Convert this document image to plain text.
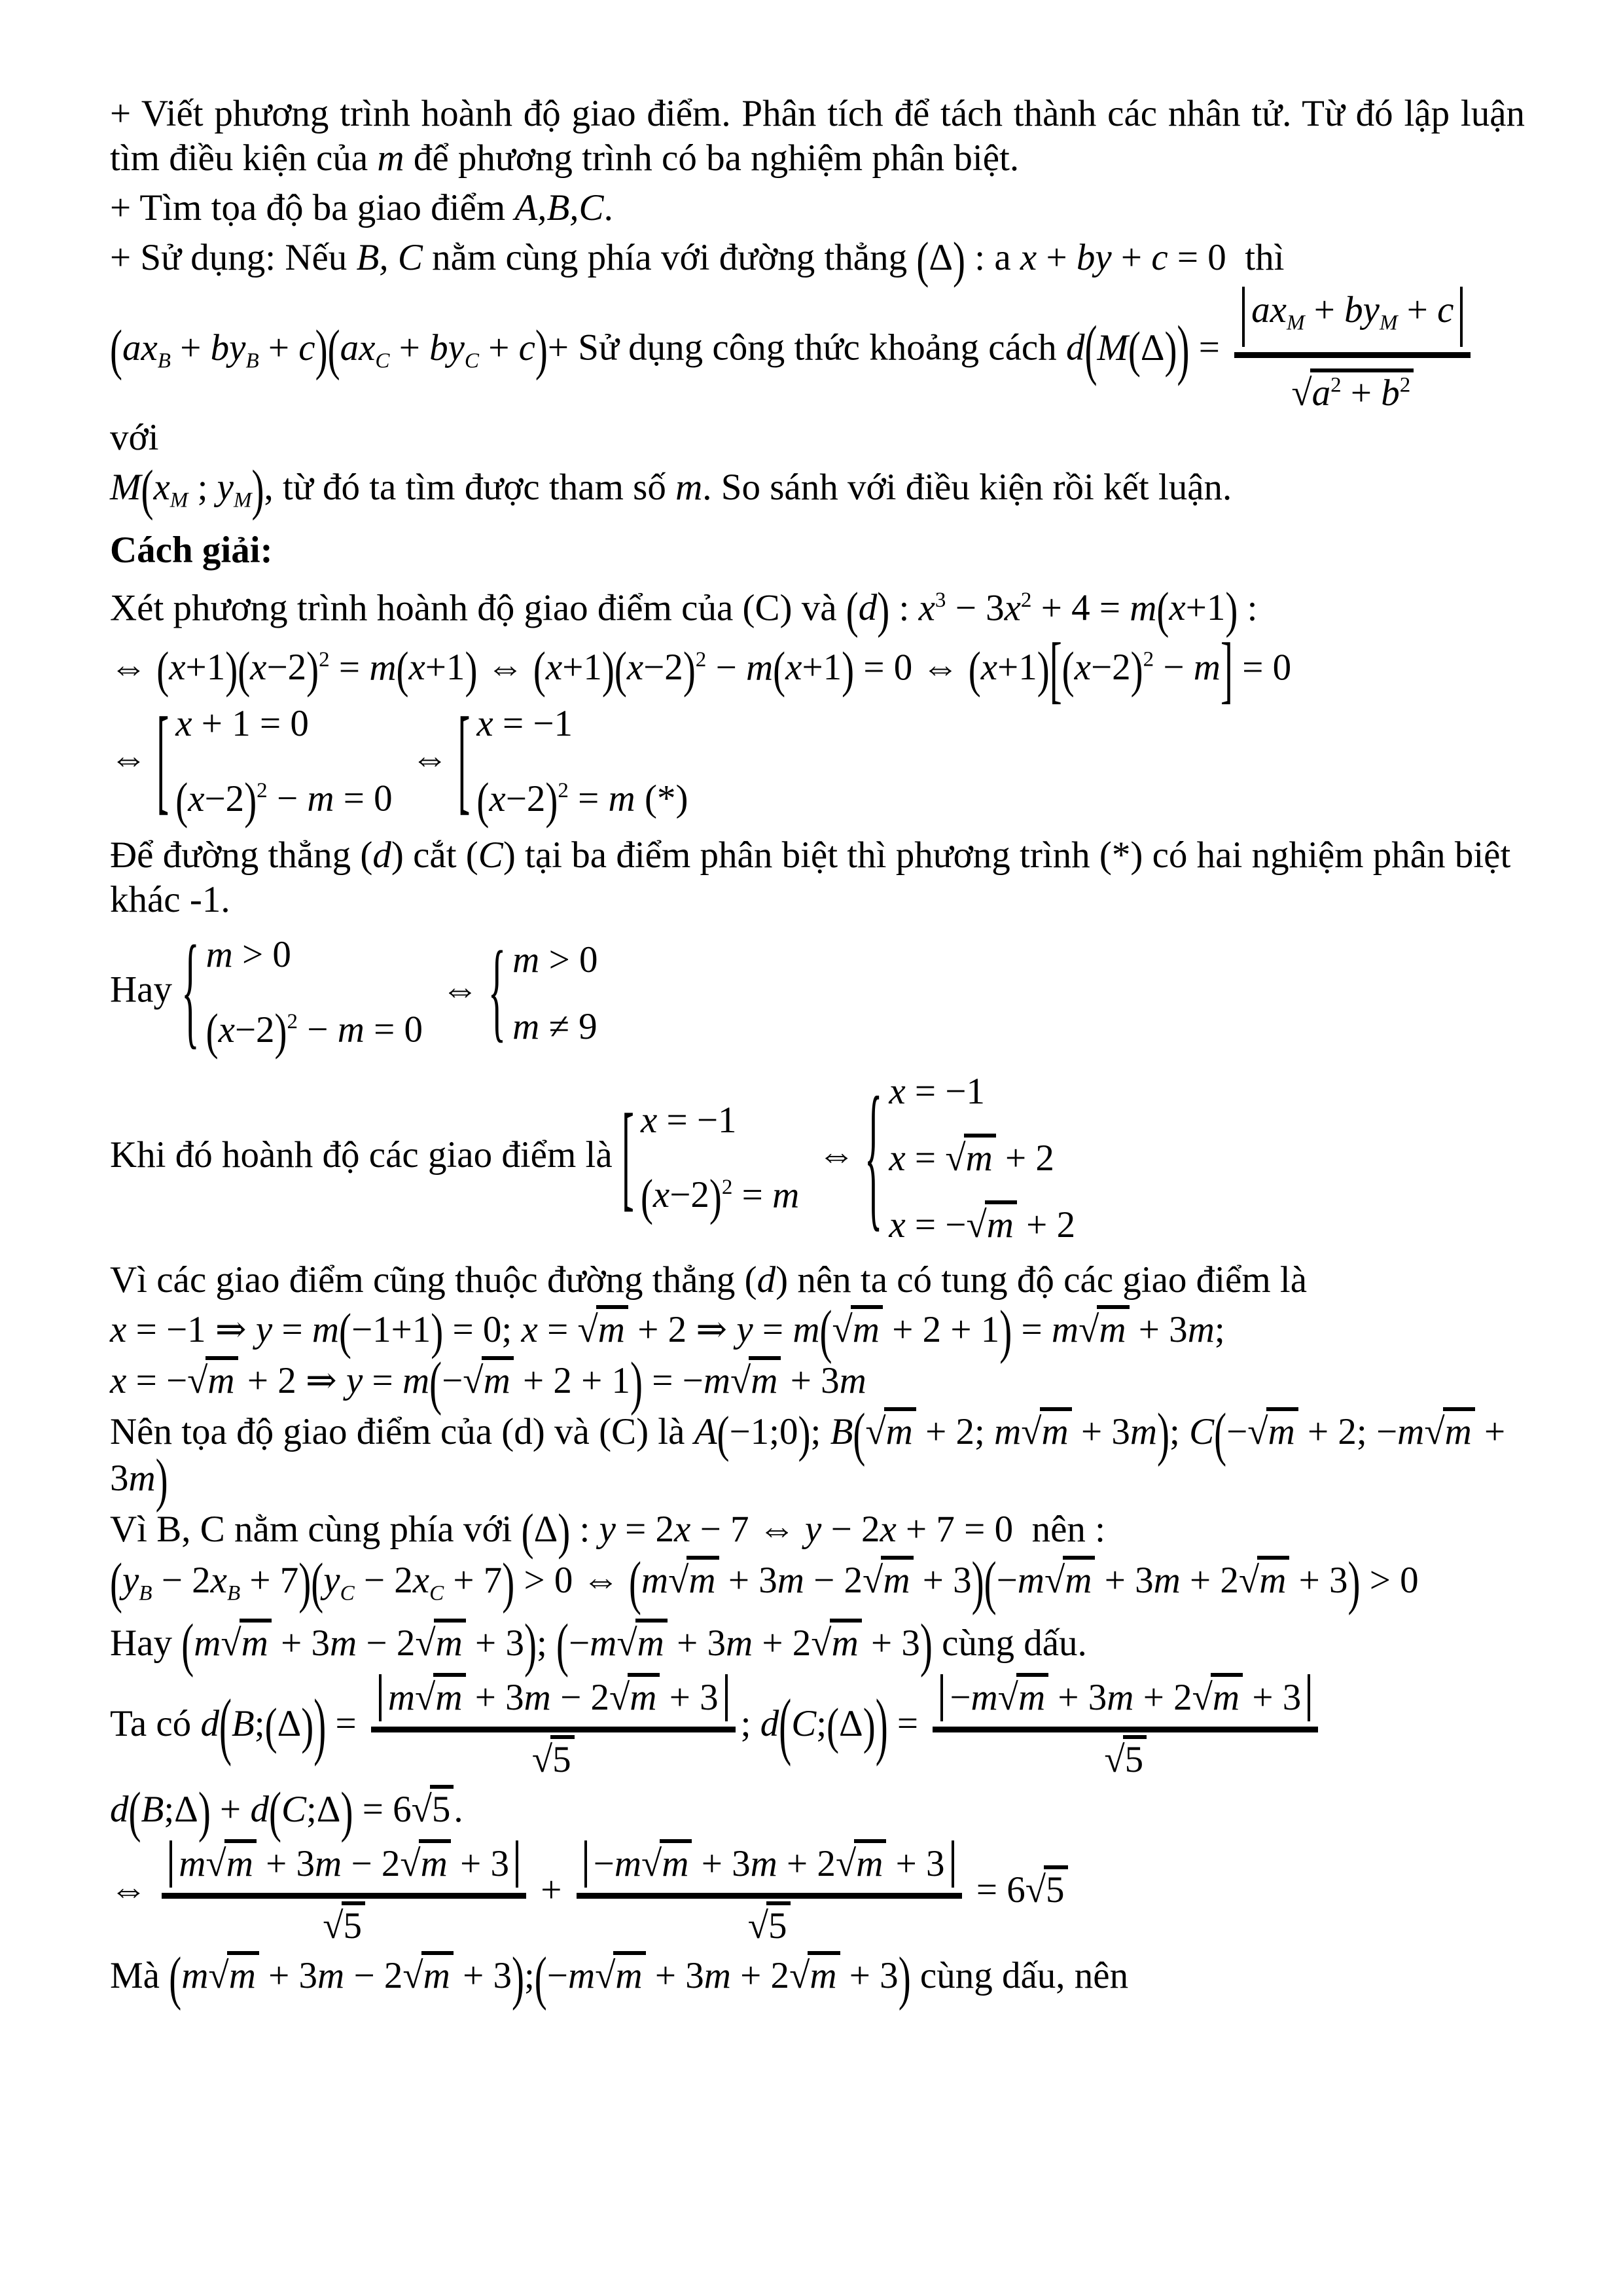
+ Viết phương trình hoành độ giao điểm. Phân tích để tách thành các nhân tử. Từ đó lập luận tìm điều kiện của m để phương trình có ba nghiệm phân biệt.
+ Tìm tọa độ ba giao điểm A,B,C.
+ Sử dụng: Nếu B, C nằm cùng phía với đường thẳng (Δ) : a x + by + c = 0  thì
$(ax_B + by_B + c)(ax_C + by_C + c)+$ Sử dụng công thức khoảng cách $d(M(\Delta)) = \frac{ax_M + by_M + c}{√a^2 + b^2}$ với
$M(x_M$ ; $y_M$), từ đó ta tìm được tham số m. So sánh với điều kiện rồi kết luận.
Cách giải:
Xét phương trình hoành độ giao điểm của (C) và (d) : $x^3 - 3x^2 + 4 = m(x+1)$ :
⇔ $(x+1)(x-2)^2 = m(x+1)$ ⇔ $(x+1)(x-2)^2 - m(x+1) = 0$ ⇔ $(x+1)[(x-2)^2 - m] = 0$
⇔ [ x + 1 = 0
$(x-2)^2 - m = 0$
⇔ [ x = −1
$(x-2)^2 = m$ (*)
Để đường thẳng (d) cắt (C) tại ba điểm phân biệt thì phương trình (*) có hai nghiệm phân biệt khác -1.
Hay { m > 0
$(x-2)^2 - m = 0$
⇔ { m > 0
m ≠ 9
Khi đó hoành độ các giao điểm là [ x = −1
$(x-2)^2 = m$
⇔ { x = −1
x = √m + 2
x = −√m + 2
Vì các giao điểm cũng thuộc đường thẳng (d) nên ta có tung độ các giao điểm là
x = −1 ⇒ y = m(−1+1) = 0; x = √m + 2 ⇒ y = m(√m + 2 + 1) = m√m + 3m;
x = −√m + 2 ⇒ y = m(−√m + 2 + 1) = −m√m + 3m
Nên tọa độ giao điểm của (d) và (C) là A(−1;0); B(√m + 2; m√m + 3m); C(−√m + 2; −m√m + 3m)
Vì B, C nằm cùng phía với (Δ) : y = 2x − 7 ⇔ y − 2x + 7 = 0  nên :
$(y_B - 2x_B + 7)(y_C - 2x_C + 7) > 0$ ⇔ (m√m + 3m − 2√m + 3)(−m√m + 3m + 2√m + 3) > 0
Hay (m√m + 3m − 2√m + 3); (−m√m + 3m + 2√m + 3) cùng dấu.
Ta có d(B;(Δ)) = $\frac{m√m + 3m - 2√m + 3}{√5}$ ; d(C;(Δ)) = $\frac{-m√m + 3m + 2√m + 3}{√5}$
d(B;Δ) + d(C;Δ) = 6√5.
⇔ $\frac{m√m + 3m - 2√m + 3}{√5} + \frac{-m√m + 3m + 2√m + 3}{√5} = 6√5$
Mà (m√m + 3m − 2√m + 3);(−m√m + 3m + 2√m + 3) cùng dấu, nên
